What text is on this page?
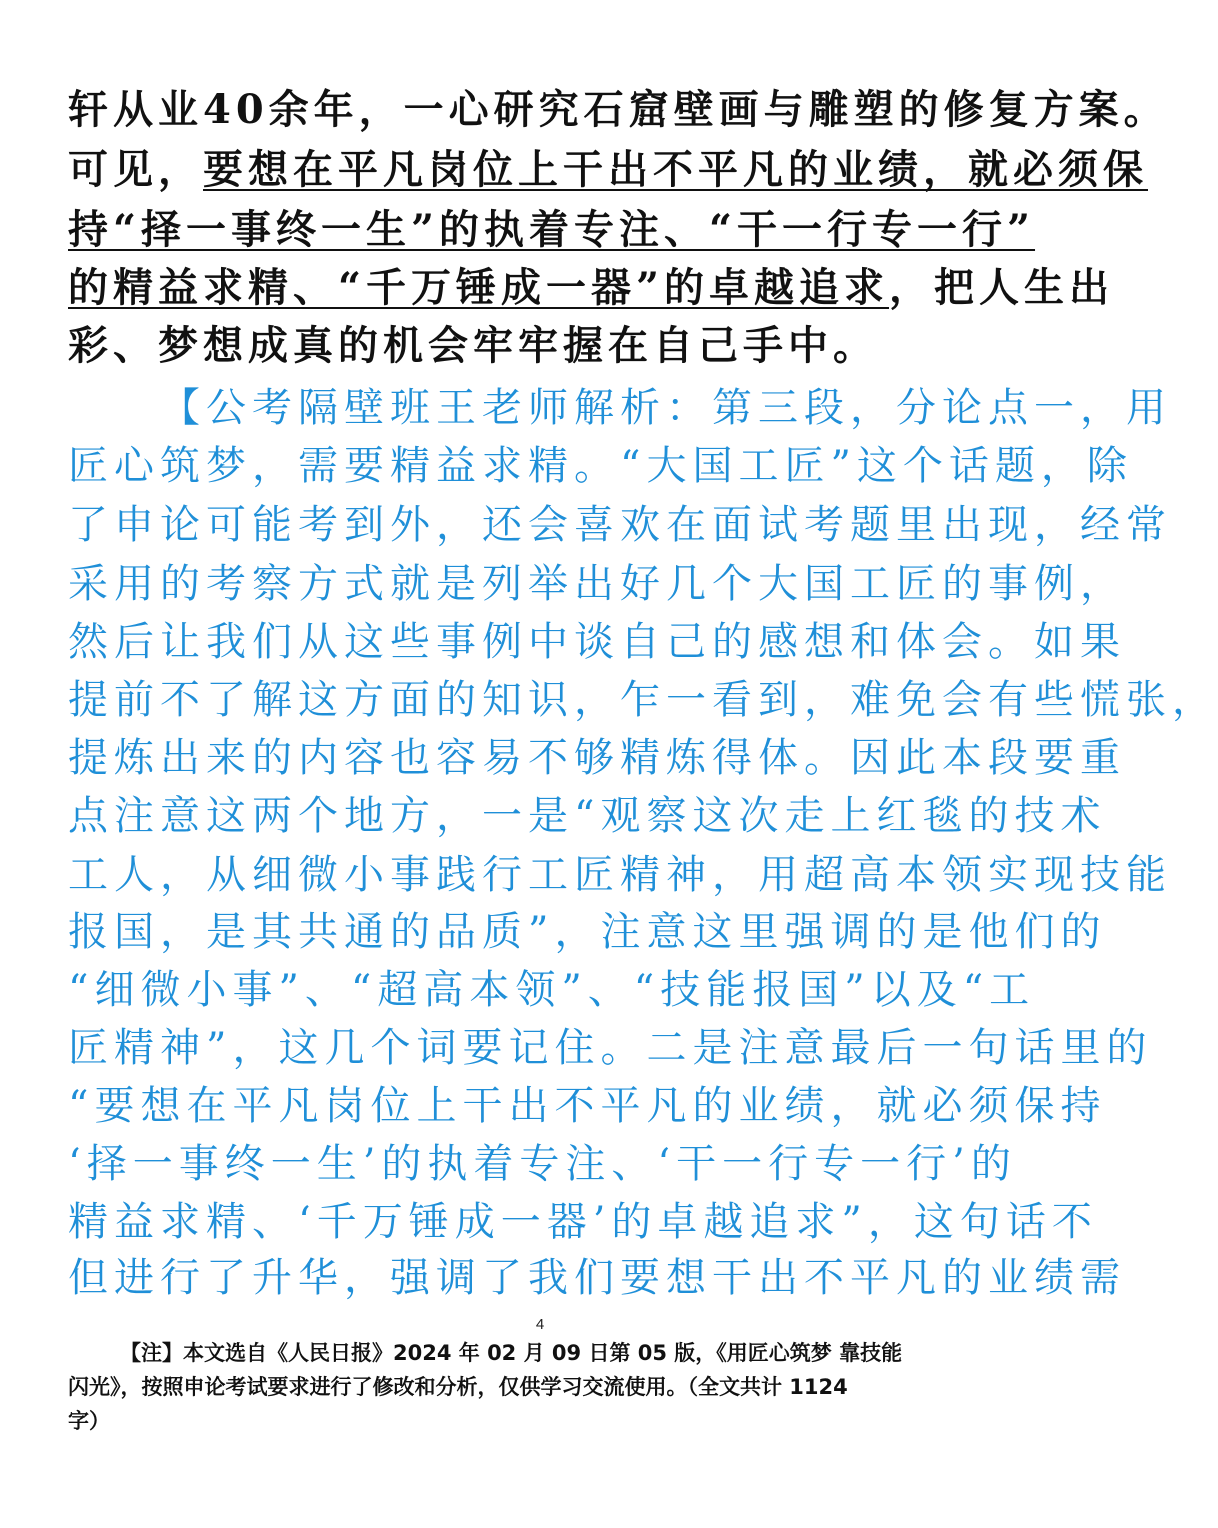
轩从业40余年，一心研究石窟壁画与雕塑的修复方案。
可见，要想在平凡岗位上干出不平凡的业绩，就必须保
持“择一事终一生”的执着专注、“干一行专一行”
的精益求精、“千万锤成一器”的卓越追求，把人生出
彩、梦想成真的机会牢牢握在自己手中。
【公考隔壁班王老师解析：第三段，分论点一，用
匠心筑梦，需要精益求精。“大国工匠”这个话题，除
了申论可能考到外，还会喜欢在面试考题里出现，经常
采用的考察方式就是列举出好几个大国工匠的事例，
然后让我们从这些事例中谈自己的感想和体会。如果
提前不了解这方面的知识，乍一看到，难免会有些慌张，
提炼出来的内容也容易不够精炼得体。因此本段要重
点注意这两个地方，一是“观察这次走上红毯的技术
工人，从细微小事践行工匠精神，用超高本领实现技能
报国，是其共通的品质”，注意这里强调的是他们的
“细微小事”、“超高本领”、“技能报国”以及“工
匠精神”，这几个词要记住。二是注意最后一句话里的
“要想在平凡岗位上干出不平凡的业绩，就必须保持
‘择一事终一生’的执着专注、‘干一行专一行’的
精益求精、‘千万锤成一器’的卓越追求”，这句话不
但进行了升华，强调了我们要想干出不平凡的业绩需
4
【注】本文选自《人民日报》2024 年 02 月 09 日第 05 版，《用匠心筑梦 靠技能
闪光》，按照申论考试要求进行了修改和分析，仅供学习交流使用。（全文共计 1124
字）
